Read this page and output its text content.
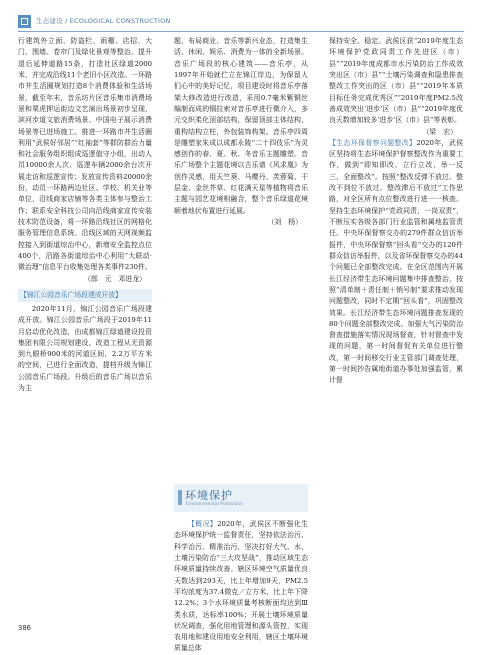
生态建设 / ECOLOGICAL CONSTRUCTION

行建筑外立面、防盗栏、雨棚、店招、大门、围墙、卷帘门及绿化景观等整治。提升退后延伸道路15条，打造社区绿道2000米，并完成沿线11个老旧小区改造。一环路市井生活圈规划打造8个消费体验和生活场景，截至年末，音乐坊片区音乐集市消费场景和栗虎押运街边文艺演出场景初步呈现，滨河步道文旅消费场景、中国电子展示消费场景等已进场施工。推进一环路市井生活圈利用“武侯好邻居”“红袖套”等群防群治力量和社会服务组织组成巡逻值守小组，出动人员10000余人次、巡逻车辆2000余台次开展走访和巡逻宣传；发放宣传资料20000余份，动员一环路两边社区、学校、机关业等单位，沿线商家店铺等各类主体参与整治工作；联系安全科技公司向沿线商家宣传安装技术防范设备，将一环路沿线社区的网格化服务管理信息系统、沿线区域的天网视频监控接入到街道综治中心，新增安全监控点位400个，沿路各街道综治中心利用“大联动·微治理”信息平台收集处理各类事件230件。

（郎　元　邓进龙）

【锦江公园音乐广场段建成开放】

2020年11月，锦江公园音乐广场段建成开放。锦江公园音乐广场段于2019年11月启动优化改造，由成都锦江绿道建设投资集团有限公司规划建设。改造工程从无资源到九眼桥900米的河道区间，2.2万平方米的空间，已进行全面改造，提档升级为锦江公园音乐广场段。升级后的音乐广场以音乐为主

题，布局商业、音乐等新兴业态，打造集生活、休闲、娱乐、消费为一体的全新场景。音乐广场段的核心建筑——音乐亭，从1997年开始就伫立在锦江岸边，为保留人们心中的美好记忆，项目建设时将音乐亭落架大修改造进行改造，采用0.7毫米紫铜丝编制而成的铜拉索对音乐亭进行微介入，多元交织柔化顶部结构，保留顶部主体结构，重构结构立柱，外包装饰构架。音乐亭四周是雕塑家朱成以成都永陵“二十四伎乐”为灵感创作的春、夏、秋、冬音乐主题雕塑。音乐广场整个主题花境以古乐谱《风求凰》为创作灵感，用天竺葵、马樱丹、芙蓉菊、千层金、金丝芥草、红花满天星等植物将音乐主题与园艺花境相融合，整个音乐绿道花境顺着地状布置进行延展。

（刘　杨）

环境保护
Environmental Protection

【概况】2020年，武侯区不断强化生态环境保护统一监督责任，坚持依法治污、科学治污、精准治污，坚决打好大气、水、土壤污染防治“三大攻坚战”，推动区域生态环境质量持续改善。辖区环境空气质量优良天数达到293天，比上年增加9天，PM2.5平均浓度为37.4微克／立方米，比上年下降12.2%；3个水环境质量考核断面均达到Ⅲ类水质，达标率100%；开展土壤环境质量状况调查，强化用地管理和源头管控，实现农用地和建设用地安全利用，辖区土壤环境质量总体

保持安全、稳定。武侯区获“2019年度生态环境保护党政同责工作先进区（市）县”“2019年度成都市水污染防治工作成效突出区（市）县”“土壤污染调查和隐患排查整改工作突出的区（市）县”“2019年本质目标任务完成优秀区”“2019年度PM2.5改善成效突出‘进步’区（市）县”“2019年度优良天数增加较多‘进步’区（市）县”等表彰。

（梁　宏）

【生态环保督察问题整改】2020年，武侯区坚持将生态环境保护督察整改作为重要工作，做到“即知即改、立行立改、举一反三、全面整改”。按照“整改反弹不放过、整改不到位不放过、整改滞后不放过”工作思路，对全区所有点位整改进行进一一核查。坚持生态环境保护“党政同责，一岗双责”，不断压实各级各部门行业监管和属地监管责任。中央环保督察交办的279件群众信访举报件，中央环保督察“回头看”交办的120件群众信访举报件，以及省环保督察交办的44个问题已全部整改完成。在全区范围内开展长江经济带生态环境问题集中排查整治，按照“清单制＋责任制＋销号制”要求推动发现问题整改，同时不定期“回头看”，巩固整改效果。长江经济带生态环境问题排查发现的80个问题全部整改完成。加强大气污染防治督查措施落实情况现场督查，针对督查中发现的问题，第一时间督促有关单位进行整改，第一时间移交行业主管部门调查处理，第一时间抄告属地街道办事处加强监管，累计督

386
